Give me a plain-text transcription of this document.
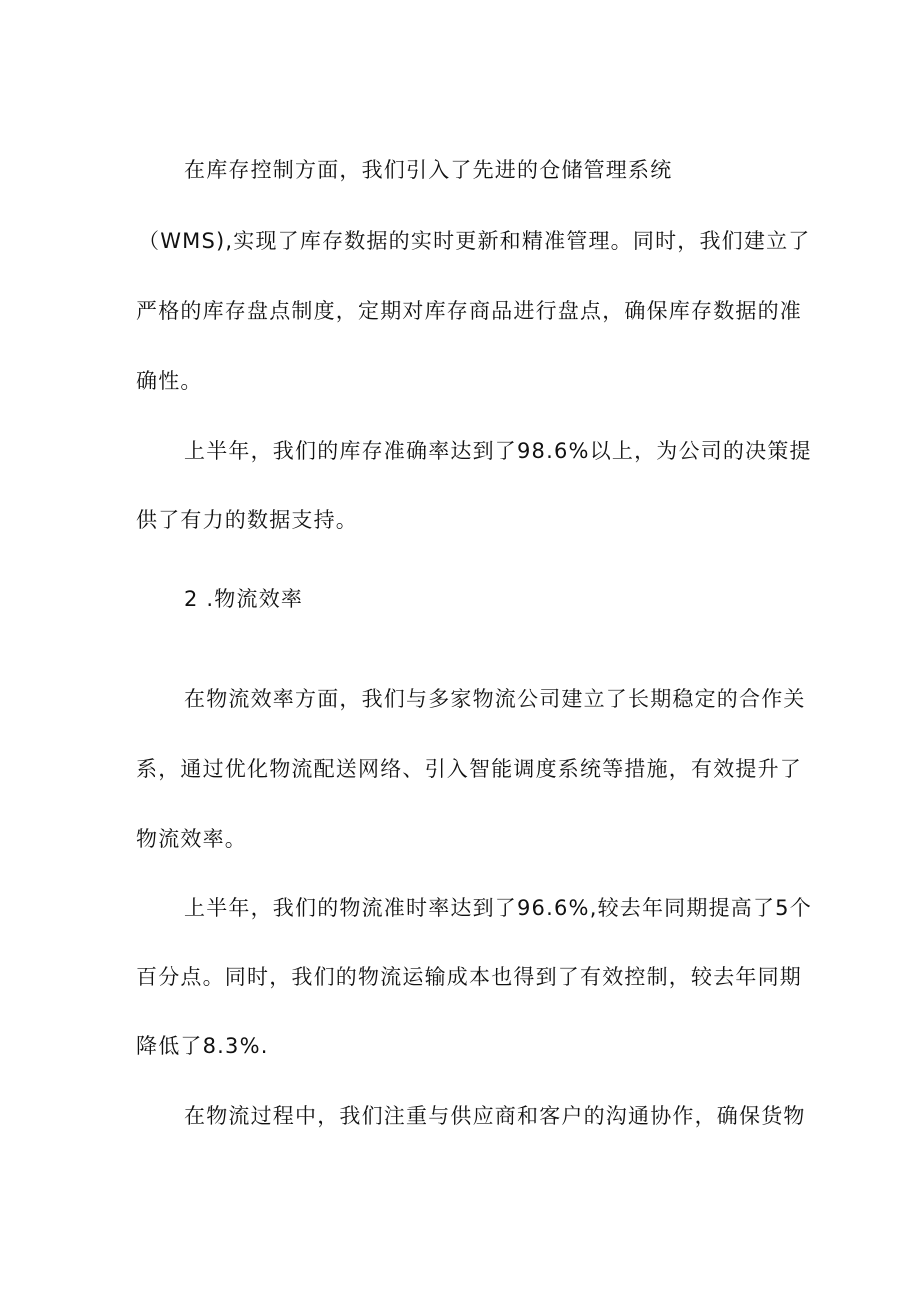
在库存控制方面，我们引入了先进的仓储管理系统
（WMS),实现了库存数据的实时更新和精准管理。同时，我们建立了
严格的库存盘点制度，定期对库存商品进行盘点，确保库存数据的准
确性。
上半年，我们的库存准确率达到了98.6%以上，为公司的决策提
供了有力的数据支持。
2 .物流效率
在物流效率方面，我们与多家物流公司建立了长期稳定的合作关
系，通过优化物流配送网络、引入智能调度系统等措施，有效提升了
物流效率。
上半年，我们的物流准时率达到了96.6%,较去年同期提高了5个
百分点。同时，我们的物流运输成本也得到了有效控制，较去年同期
降低了8.3%.
在物流过程中，我们注重与供应商和客户的沟通协作，确保货物
